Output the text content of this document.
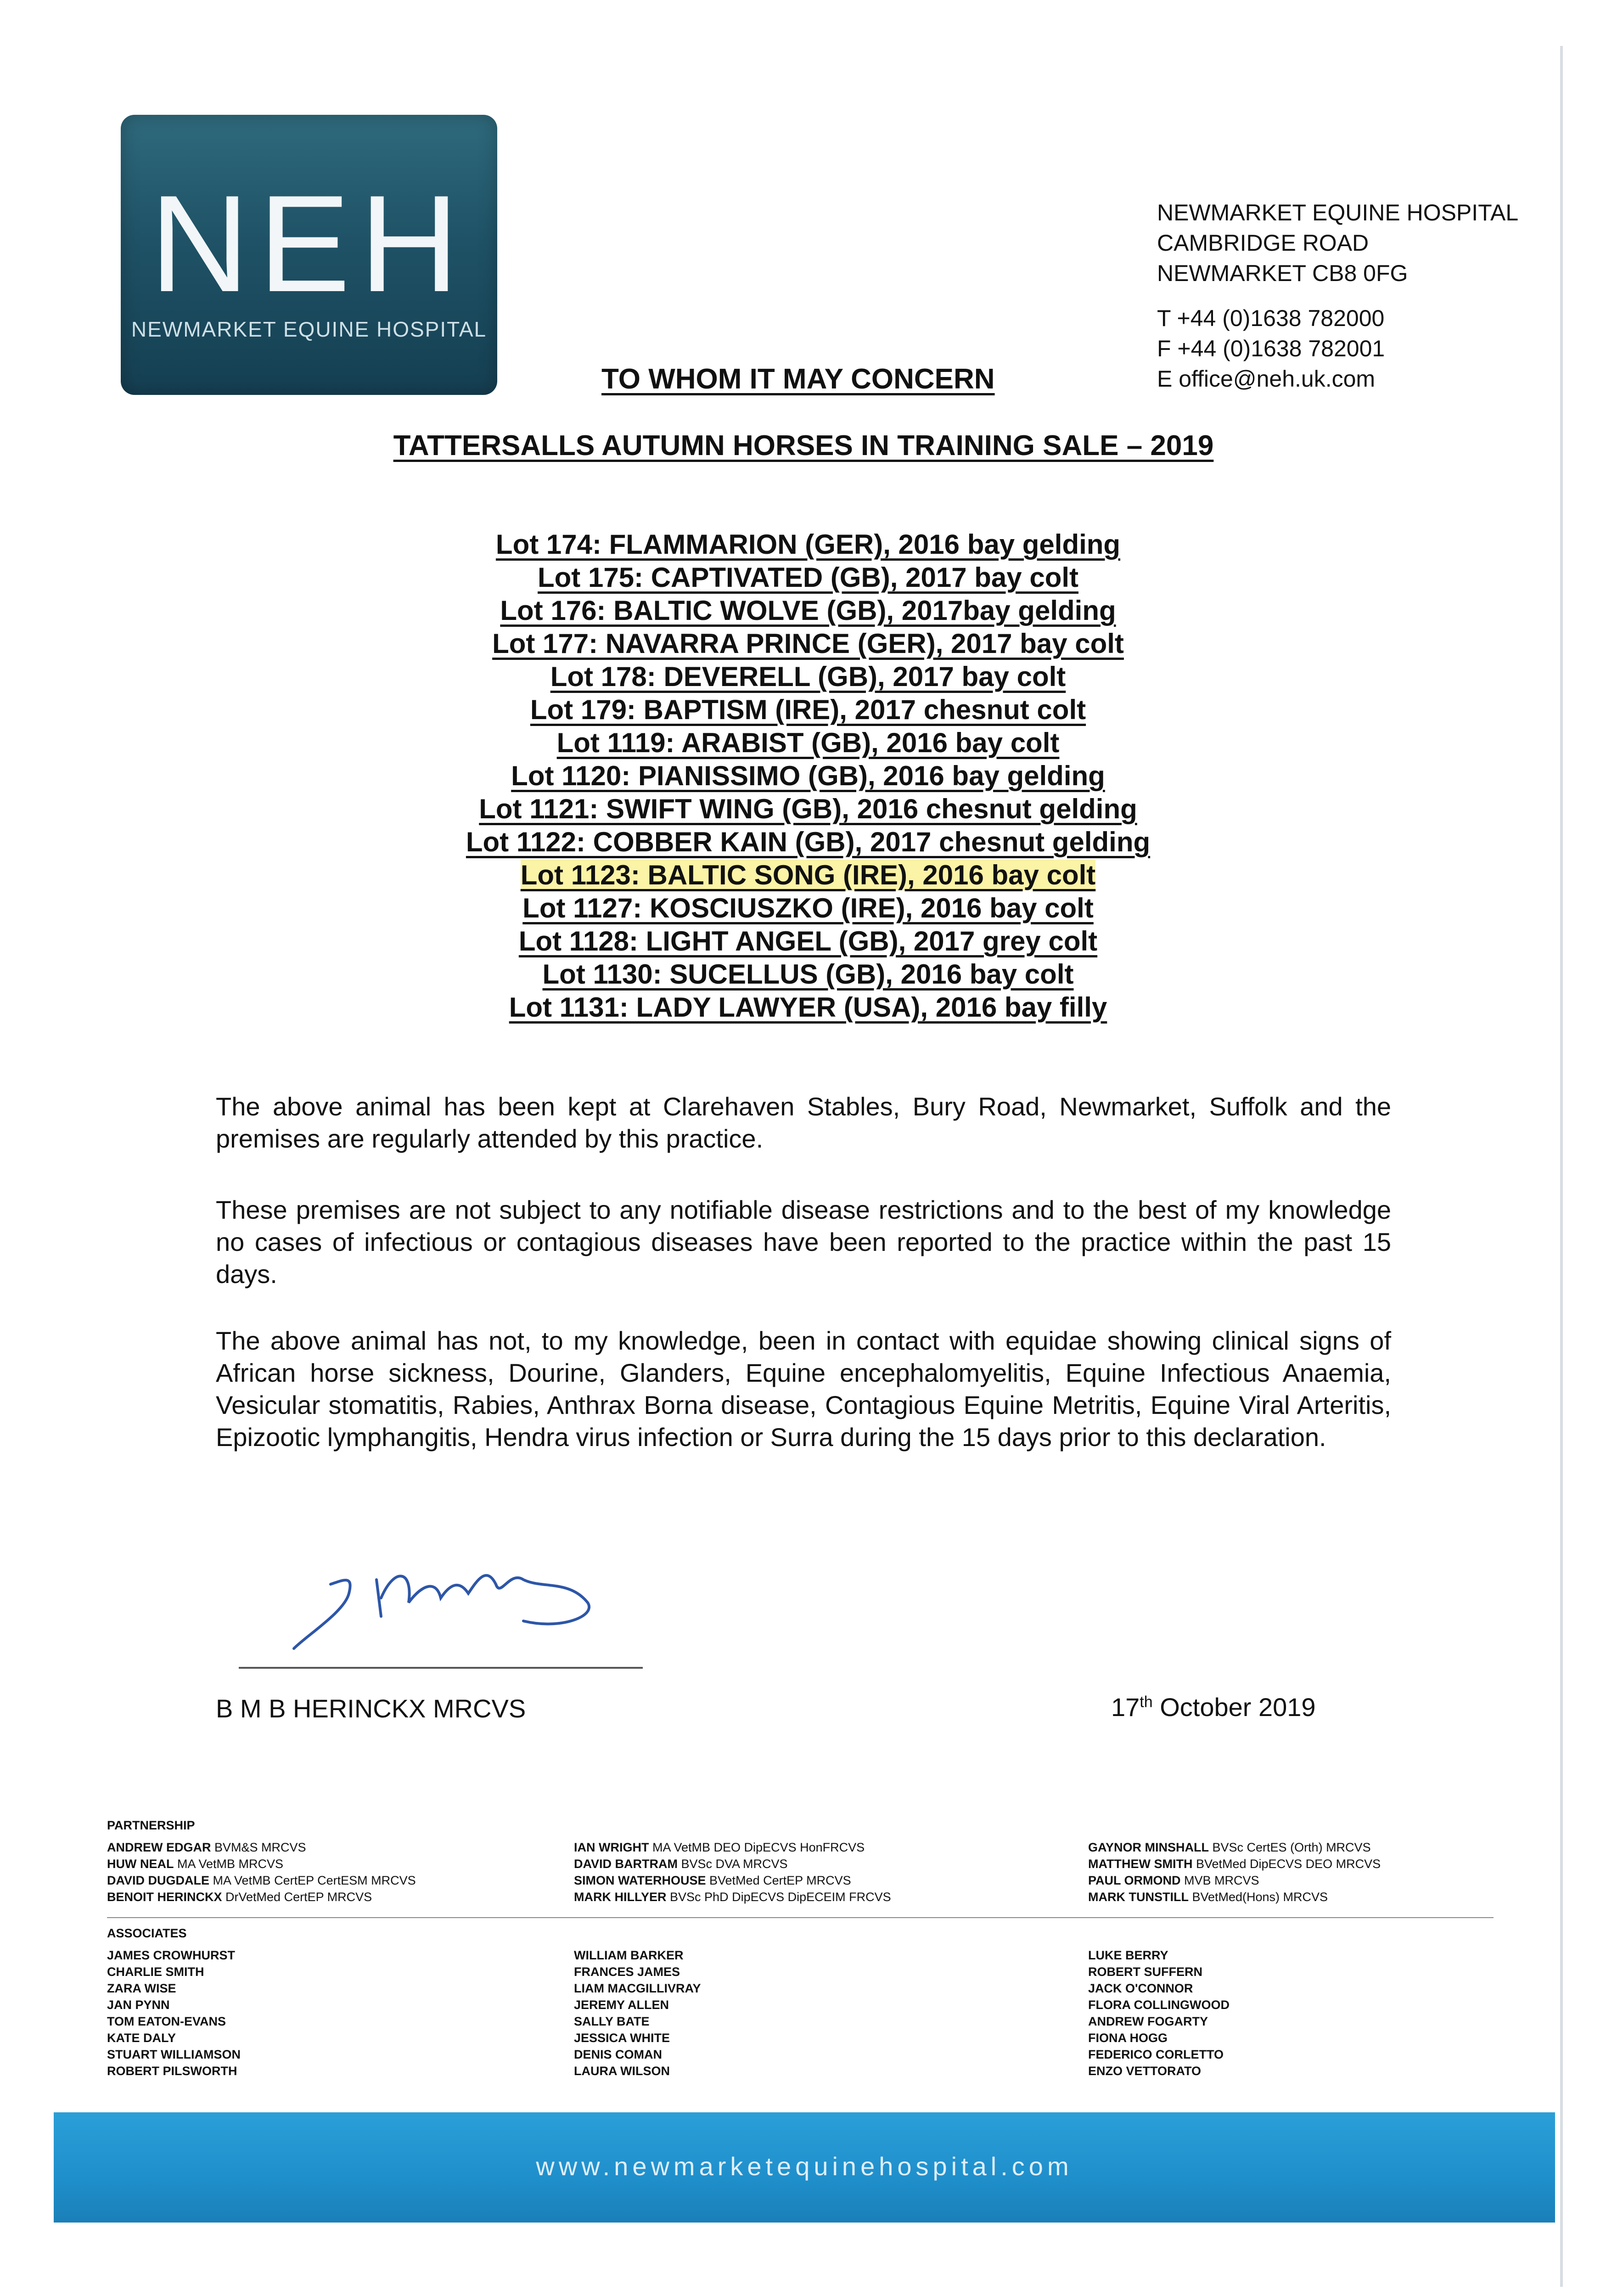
NEH
NEWMARKET EQUINE HOSPITAL
NEWMARKET EQUINE HOSPITAL
CAMBRIDGE ROAD
NEWMARKET CB8 0FG
T +44 (0)1638 782000
F +44 (0)1638 782001
E office@neh.uk.com
TO WHOM IT MAY CONCERN
TATTERSALLS AUTUMN HORSES IN TRAINING SALE – 2019
Lot 174: FLAMMARION (GER), 2016 bay gelding
Lot 175: CAPTIVATED (GB), 2017 bay colt
Lot 176: BALTIC WOLVE (GB), 2017bay gelding
Lot 177: NAVARRA PRINCE (GER), 2017 bay colt
Lot 178: DEVERELL (GB), 2017 bay colt
Lot 179: BAPTISM (IRE), 2017 chesnut colt
Lot 1119: ARABIST (GB), 2016 bay colt
Lot 1120: PIANISSIMO (GB), 2016 bay gelding
Lot 1121: SWIFT WING (GB), 2016 chesnut gelding
Lot 1122: COBBER KAIN (GB), 2017 chesnut gelding
Lot 1123: BALTIC SONG (IRE), 2016 bay colt
Lot 1127: KOSCIUSZKO (IRE), 2016 bay colt
Lot 1128: LIGHT ANGEL (GB), 2017 grey colt
Lot 1130: SUCELLUS (GB), 2016 bay colt
Lot 1131: LADY LAWYER (USA), 2016 bay filly
The above animal has been kept at Clarehaven Stables, Bury Road, Newmarket, Suffolk and the premises are regularly attended by this practice.
These premises are not subject to any notifiable disease restrictions and to the best of my knowledge no cases of infectious or contagious diseases have been reported to the practice within the past 15 days.
The above animal has not, to my knowledge, been in contact with equidae showing clinical signs of African horse sickness, Dourine, Glanders, Equine encephalomyelitis, Equine Infectious Anaemia, Vesicular stomatitis, Rabies, Anthrax Borna disease, Contagious Equine Metritis, Equine Viral Arteritis, Epizootic lymphangitis, Hendra virus infection or Surra during the 15 days prior to this declaration.
B M B HERINCKX MRCVS	17th October 2019
PARTNERSHIP
ANDREW EDGAR BVM&S MRCVS
HUW NEAL MA VetMB MRCVS
DAVID DUGDALE MA VetMB CertEP CertESM MRCVS
BENOIT HERINCKX DrVetMed CertEP MRCVS
IAN WRIGHT MA VetMB DEO DipECVS HonFRCVS
DAVID BARTRAM BVSc DVA MRCVS
SIMON WATERHOUSE BVetMed CertEP MRCVS
MARK HILLYER BVSc PhD DipECVS DipECEIM FRCVS
GAYNOR MINSHALL BVSc CertES (Orth) MRCVS
MATTHEW SMITH BVetMed DipECVS DEO MRCVS
PAUL ORMOND MVB MRCVS
MARK TUNSTILL BVetMed(Hons) MRCVS
ASSOCIATES
JAMES CROWHURST
CHARLIE SMITH
ZARA WISE
JAN PYNN
TOM EATON-EVANS
KATE DALY
STUART WILLIAMSON
ROBERT PILSWORTH
WILLIAM BARKER
FRANCES JAMES
LIAM MACGILLIVRAY
JEREMY ALLEN
SALLY BATE
JESSICA WHITE
DENIS COMAN
LAURA WILSON
LUKE BERRY
ROBERT SUFFERN
JACK O'CONNOR
FLORA COLLINGWOOD
ANDREW FOGARTY
FIONA HOGG
FEDERICO CORLETTO
ENZO VETTORATO
www.newmarketequinehospital.com
